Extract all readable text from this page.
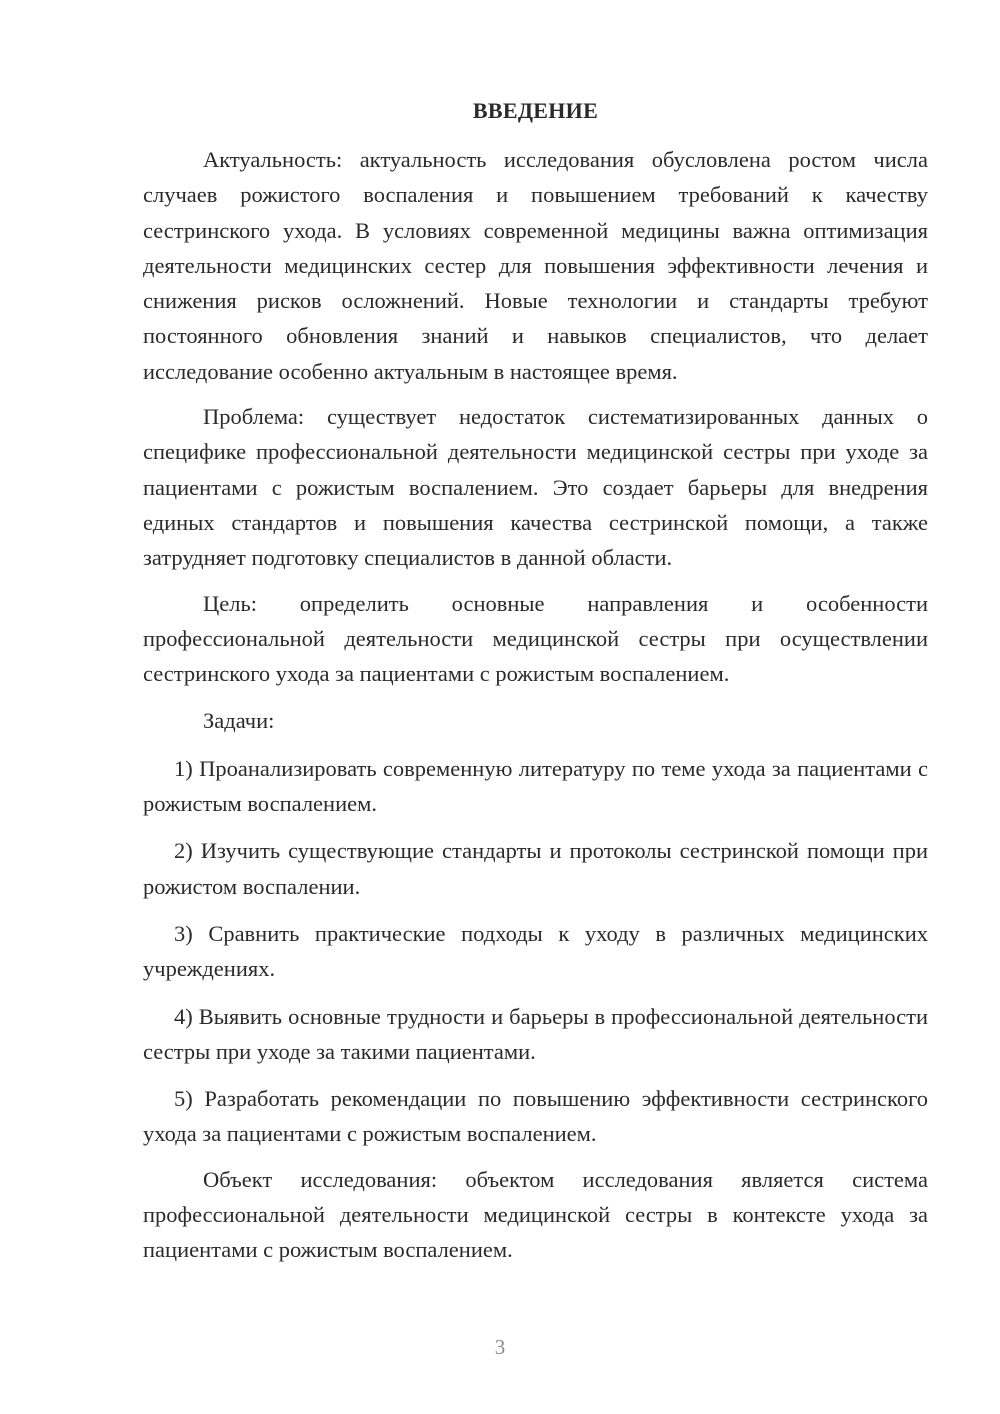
ВВЕДЕНИЕ

Актуальность: актуальность исследования обусловлена ростом числа случаев рожистого воспаления и повышением требований к качеству сестринского ухода. В условиях современной медицины важна оптимизация деятельности медицинских сестер для повышения эффективности лечения и снижения рисков осложнений. Новые технологии и стандарты требуют постоянного обновления знаний и навыков специалистов, что делает исследование особенно актуальным в настоящее время.

Проблема: существует недостаток систематизированных данных о специфике профессиональной деятельности медицинской сестры при уходе за пациентами с рожистым воспалением. Это создает барьеры для внедрения единых стандартов и повышения качества сестринской помощи, а также затрудняет подготовку специалистов в данной области.

Цель: определить основные направления и особенности профессиональной деятельности медицинской сестры при осуществлении сестринского ухода за пациентами с рожистым воспалением.

Задачи:

1) Проанализировать современную литературу по теме ухода за пациентами с рожистым воспалением.

2) Изучить существующие стандарты и протоколы сестринской помощи при рожистом воспалении.

3) Сравнить практические подходы к уходу в различных медицинских учреждениях.

4) Выявить основные трудности и барьеры в профессиональной деятельности сестры при уходе за такими пациентами.

5) Разработать рекомендации по повышению эффективности сестринского ухода за пациентами с рожистым воспалением.

Объект исследования: объектом исследования является система профессиональной деятельности медицинской сестры в контексте ухода за пациентами с рожистым воспалением.

3
